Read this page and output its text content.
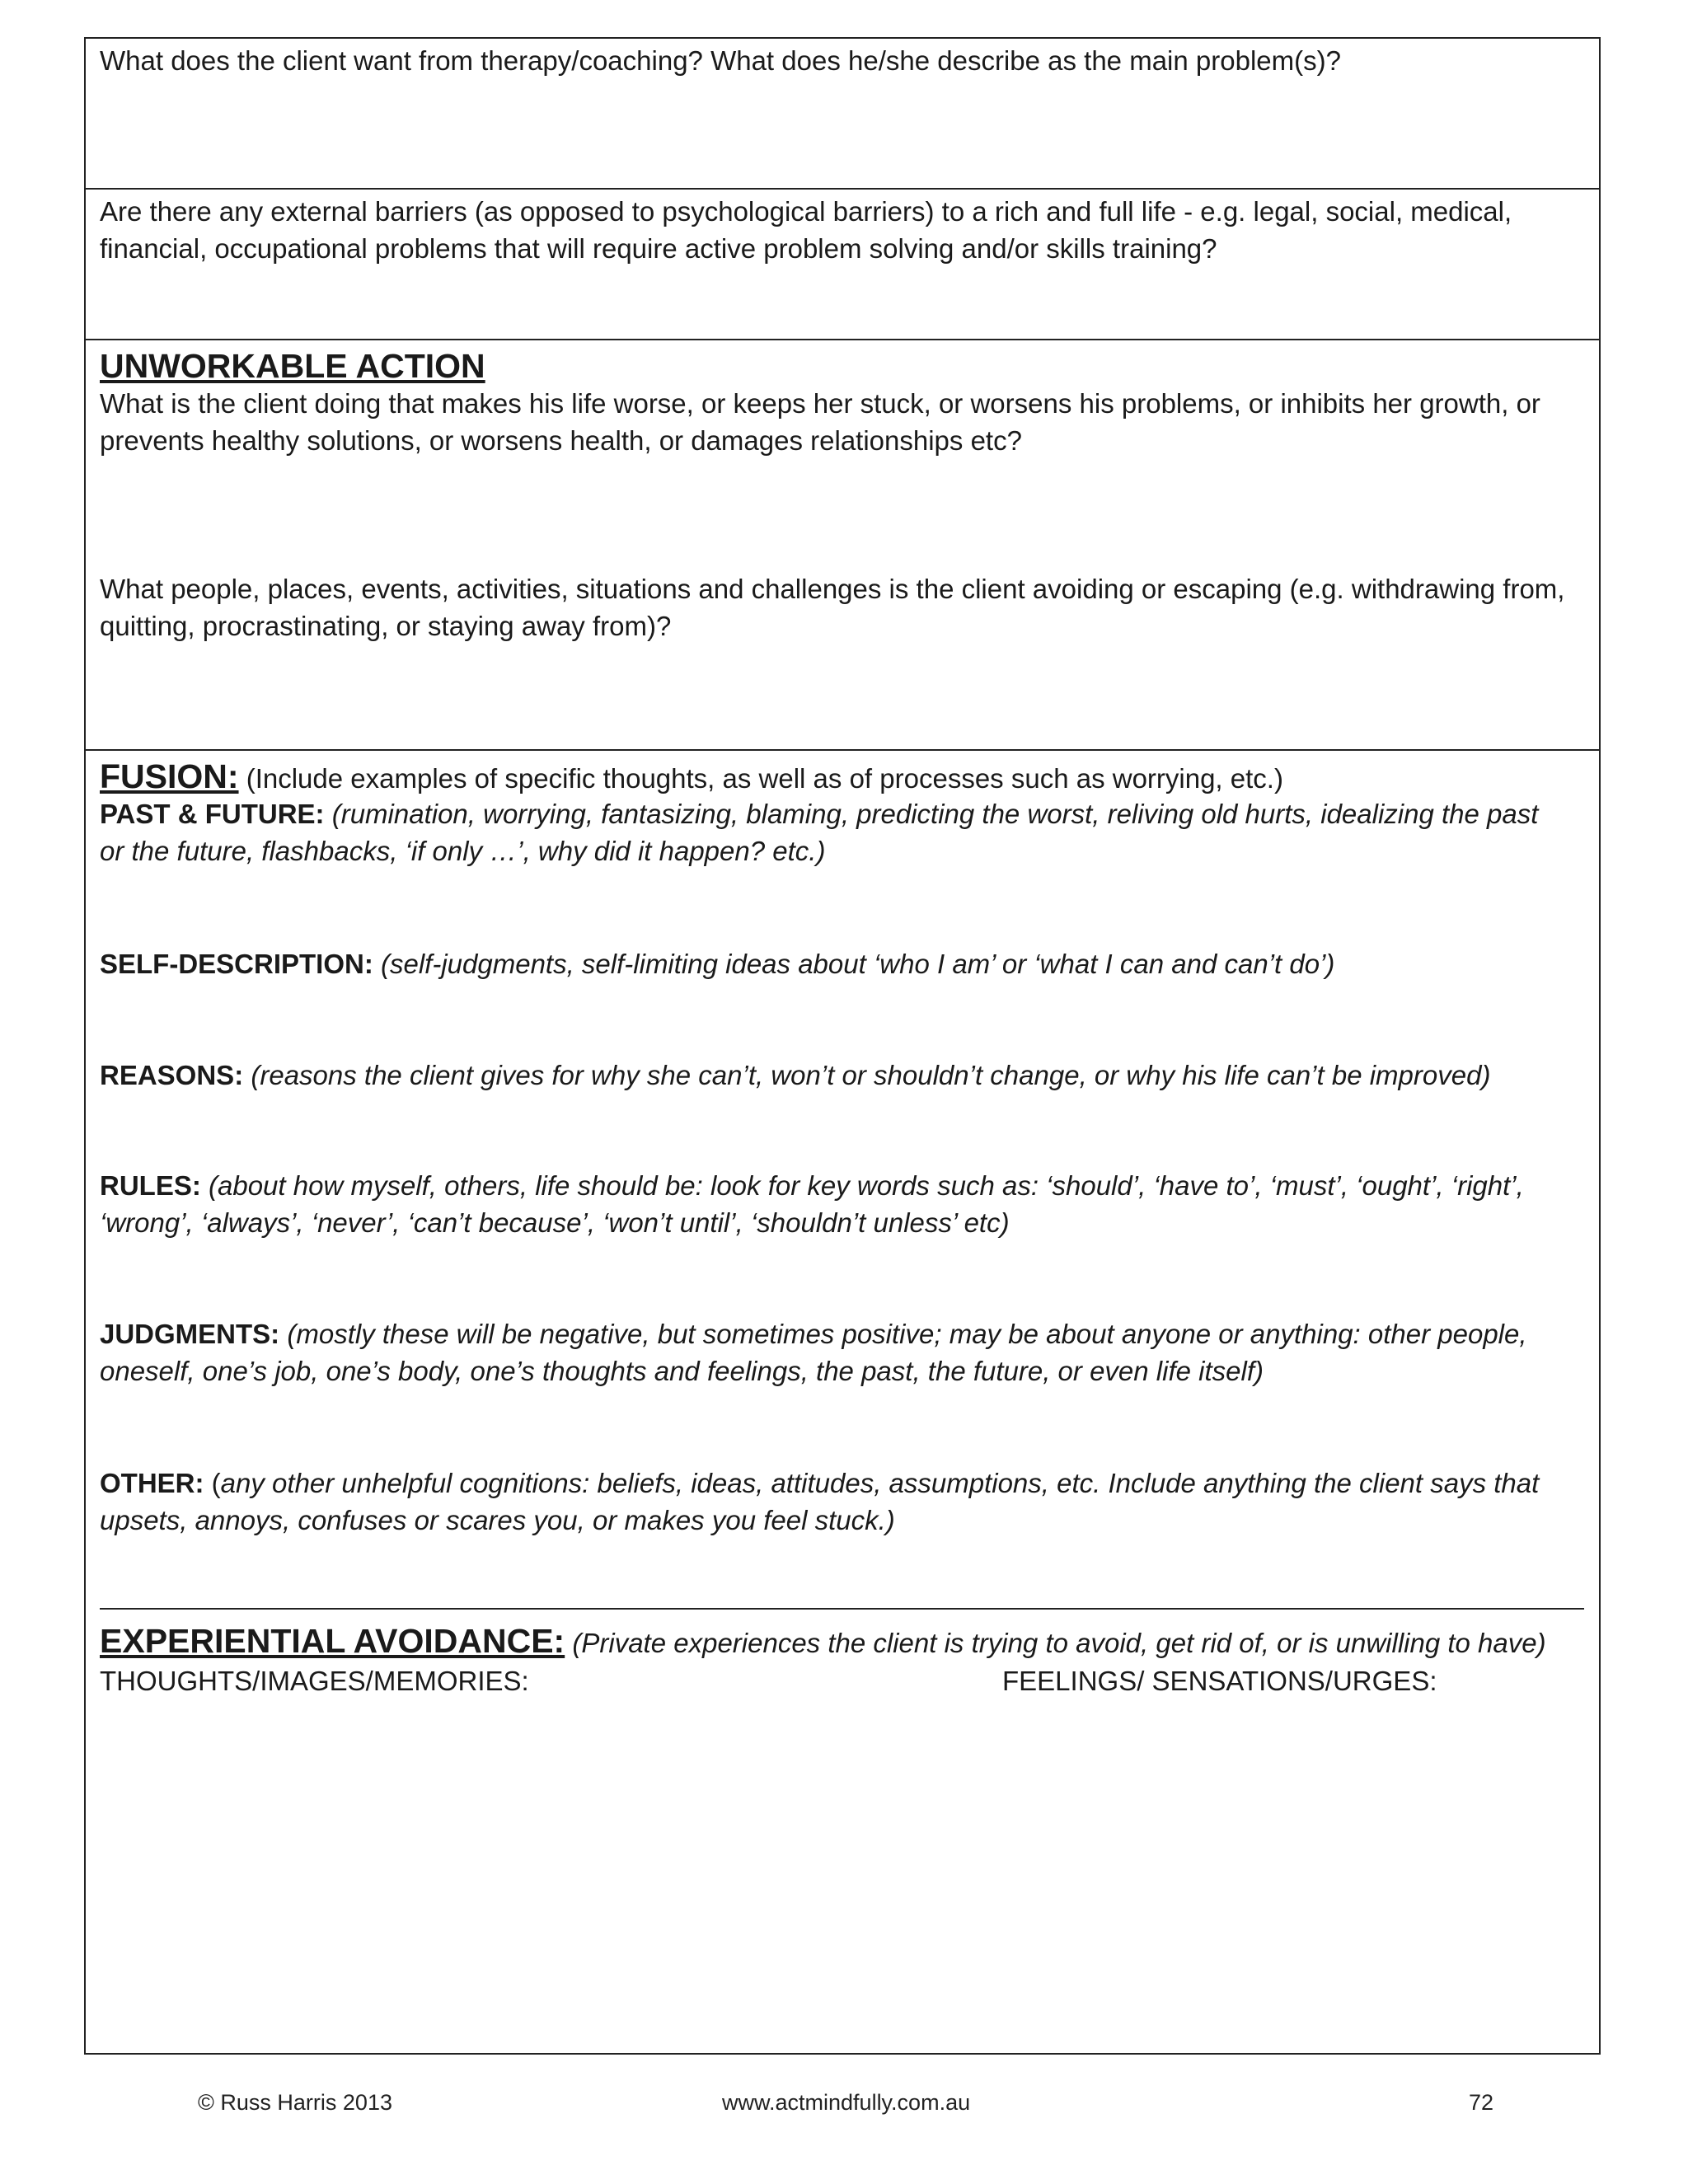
What does the client want from therapy/coaching? What does he/she describe as the main problem(s)?
Are there any external barriers (as opposed to psychological barriers) to a rich and full life - e.g. legal, social, medical, financial, occupational problems that will require active problem solving and/or skills training?
UNWORKABLE ACTION
What is the client doing that makes his life worse, or keeps her stuck, or worsens his problems, or inhibits her growth, or prevents healthy solutions, or worsens health, or damages relationships etc?
What people, places, events, activities, situations and challenges is the client avoiding or escaping (e.g. withdrawing from, quitting, procrastinating, or staying away from)?
FUSION: (Include examples of specific thoughts, as well as of processes such as worrying, etc.)
PAST & FUTURE: (rumination, worrying, fantasizing, blaming, predicting the worst, reliving old hurts, idealizing the past or the future, flashbacks, ‘if only …’, why did it happen? etc.)
SELF-DESCRIPTION: (self-judgments, self-limiting ideas about ‘who I am’ or ‘what I can and can’t do’)
REASONS: (reasons the client gives for why she can’t, won’t or shouldn’t change, or why his life can’t be improved)
RULES: (about how myself, others, life should be: look for key words such as: ‘should’, ‘have to’, ‘must’, ‘ought’, ‘right’, ‘wrong’, ‘always’, ‘never’, ‘can’t because’, ‘won’t until’, ‘shouldn’t unless’ etc)
JUDGMENTS: (mostly these will be negative, but sometimes positive; may be about anyone or anything: other people, oneself, one’s job, one’s body, one’s thoughts and feelings, the past, the future, or even life itself)
OTHER: (any other unhelpful cognitions: beliefs, ideas, attitudes, assumptions, etc. Include anything the client says that upsets, annoys, confuses or scares you, or makes you feel stuck.)
EXPERIENTIAL AVOIDANCE: (Private experiences the client is trying to avoid, get rid of, or is unwilling to have)
THOUGHTS/IMAGES/MEMORIES:	FEELINGS/ SENSATIONS/URGES:
© Russ Harris 2013	www.actmindfully.com.au	72
